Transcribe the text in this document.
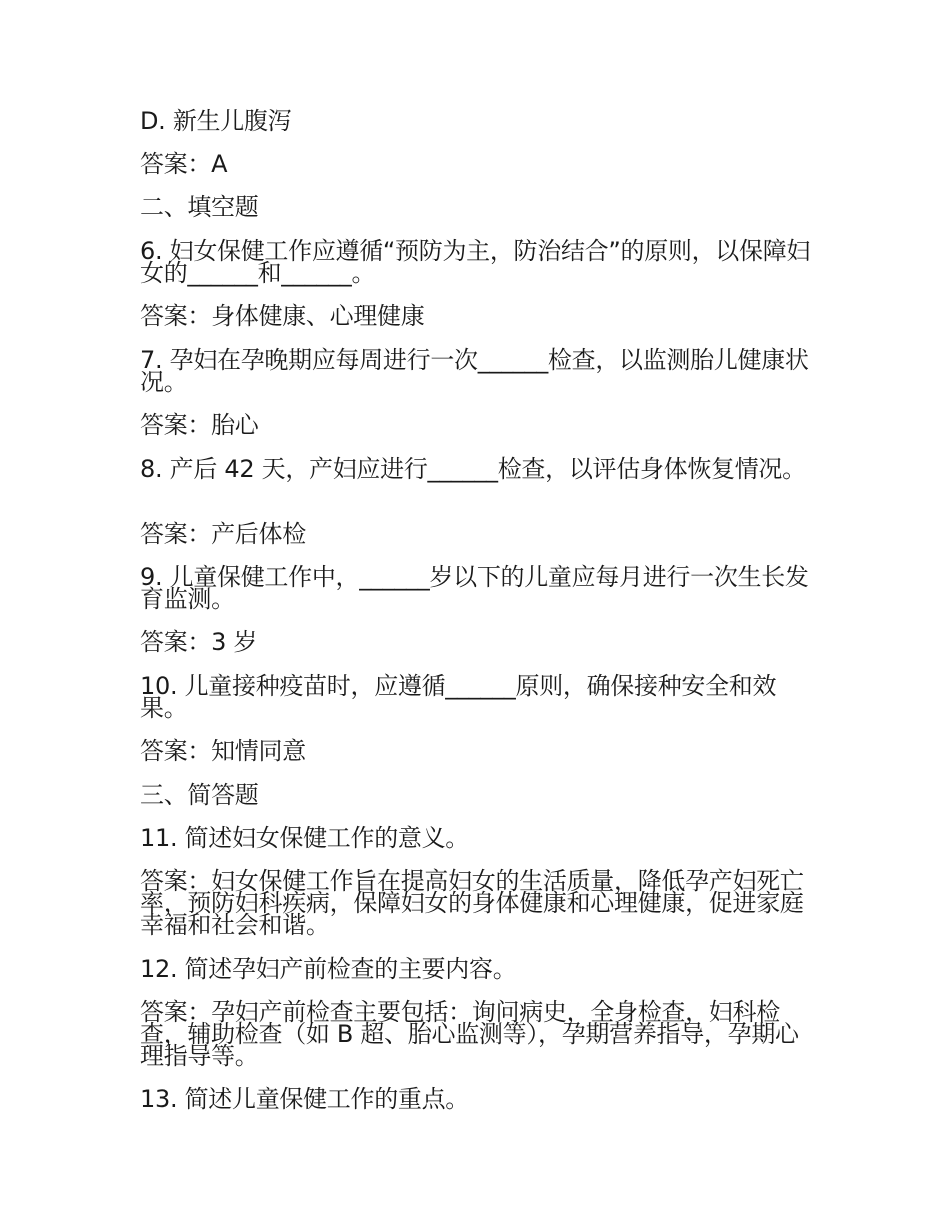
D. 新生儿腹泻
答案：A
二、填空题
6. 妇女保健工作应遵循“预防为主，防治结合”的原则，以保障妇女的______和______。
答案：身体健康、心理健康
7. 孕妇在孕晚期应每周进行一次______检查，以监测胎儿健康状况。
答案：胎心
8. 产后 42 天，产妇应进行______检查，以评估身体恢复情况。
答案：产后体检
9. 儿童保健工作中，______岁以下的儿童应每月进行一次生长发育监测。
答案：3 岁
10. 儿童接种疫苗时，应遵循______原则，确保接种安全和效果。
答案：知情同意
三、简答题
11. 简述妇女保健工作的意义。
答案：妇女保健工作旨在提高妇女的生活质量，降低孕产妇死亡率，预防妇科疾病，保障妇女的身体健康和心理健康，促进家庭幸福和社会和谐。
12. 简述孕妇产前检查的主要内容。
答案：孕妇产前检查主要包括：询问病史，全身检查，妇科检查，辅助检查（如 B 超、胎心监测等），孕期营养指导，孕期心理指导等。
13. 简述儿童保健工作的重点。
